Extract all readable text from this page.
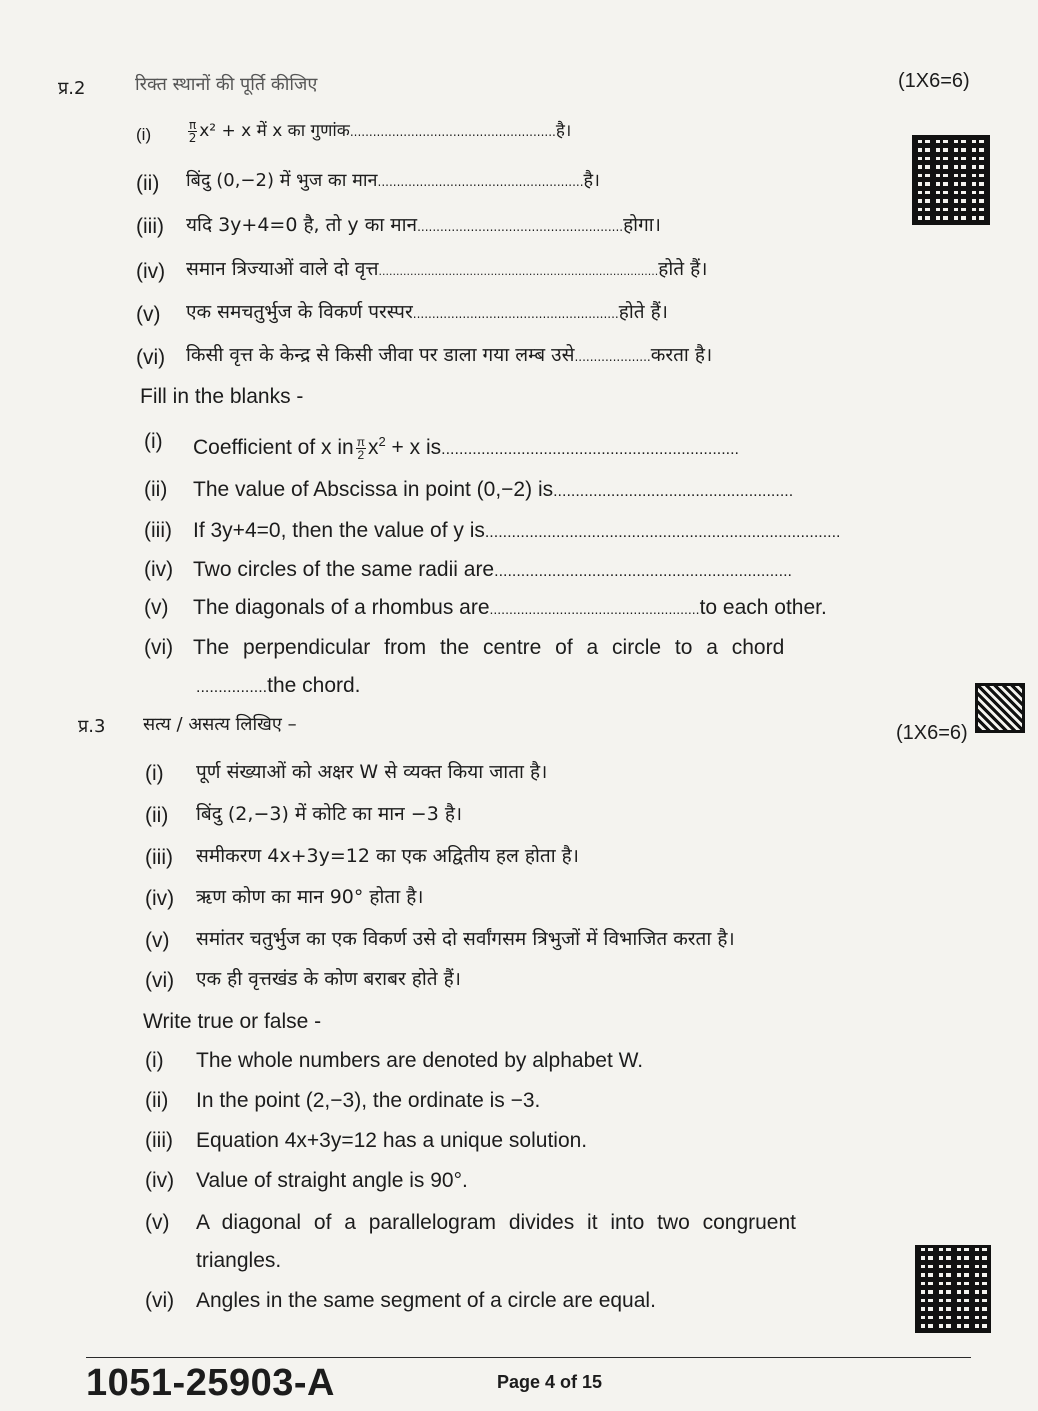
प्र.2	रिक्त स्थानों की पूर्ति कीजिए	(1X6=6)
(i)	$\frac{\pi}{2} x^2 + x$ में x का गुणांक......................................................है।
(ii) बिंदु (0,−2) में भुज का मान......................................................है।
(iii) यदि 3y+4=0 है, तो y का मान......................................................होगा।
(iv) समान त्रिज्याओं वाले दो वृत्त................................................................................होते हैं।
(v) एक समचतुर्भुज के विकर्ण परस्पर......................................................होते हैं।
(vi) किसी वृत्त के केन्द्र से किसी जीवा पर डाला गया लम्ब उसे....................करता है।
Fill in the blanks -
(i) Coefficient of x in $\frac{\pi}{2} x^2 + x$ is...................................................................
(ii) The value of Abscissa in point (0,−2) is......................................................
(iii) If 3y+4=0, then the value of y is................................................................................
(iv) Two circles of the same radii are...................................................................
(v) The diagonals of a rhombus are......................................................to each other.
(vi) The perpendicular from the centre of a circle to a chord
................the chord.
प्र.3 सत्य / असत्य लिखिए –	(1X6=6)
(i) पूर्ण संख्याओं को अक्षर W से व्यक्त किया जाता है।
(ii) बिंदु (2,−3) में कोटि का मान −3 है।
(iii) समीकरण 4x+3y=12 का एक अद्वितीय हल होता है।
(iv) ऋण कोण का मान 90° होता है।
(v) समांतर चतुर्भुज का एक विकर्ण उसे दो सर्वांगसम त्रिभुजों में विभाजित करता है।
(vi) एक ही वृत्तखंड के कोण बराबर होते हैं।
Write true or false -
(i) The whole numbers are denoted by alphabet W.
(ii) In the point (2,−3), the ordinate is −3.
(iii) Equation 4x+3y=12 has a unique solution.
(iv) Value of straight angle is 90°.
(v) A diagonal of a parallelogram divides it into two congruent
triangles.
(vi) Angles in the same segment of a circle are equal.
1051-25903-A	Page 4 of 15
